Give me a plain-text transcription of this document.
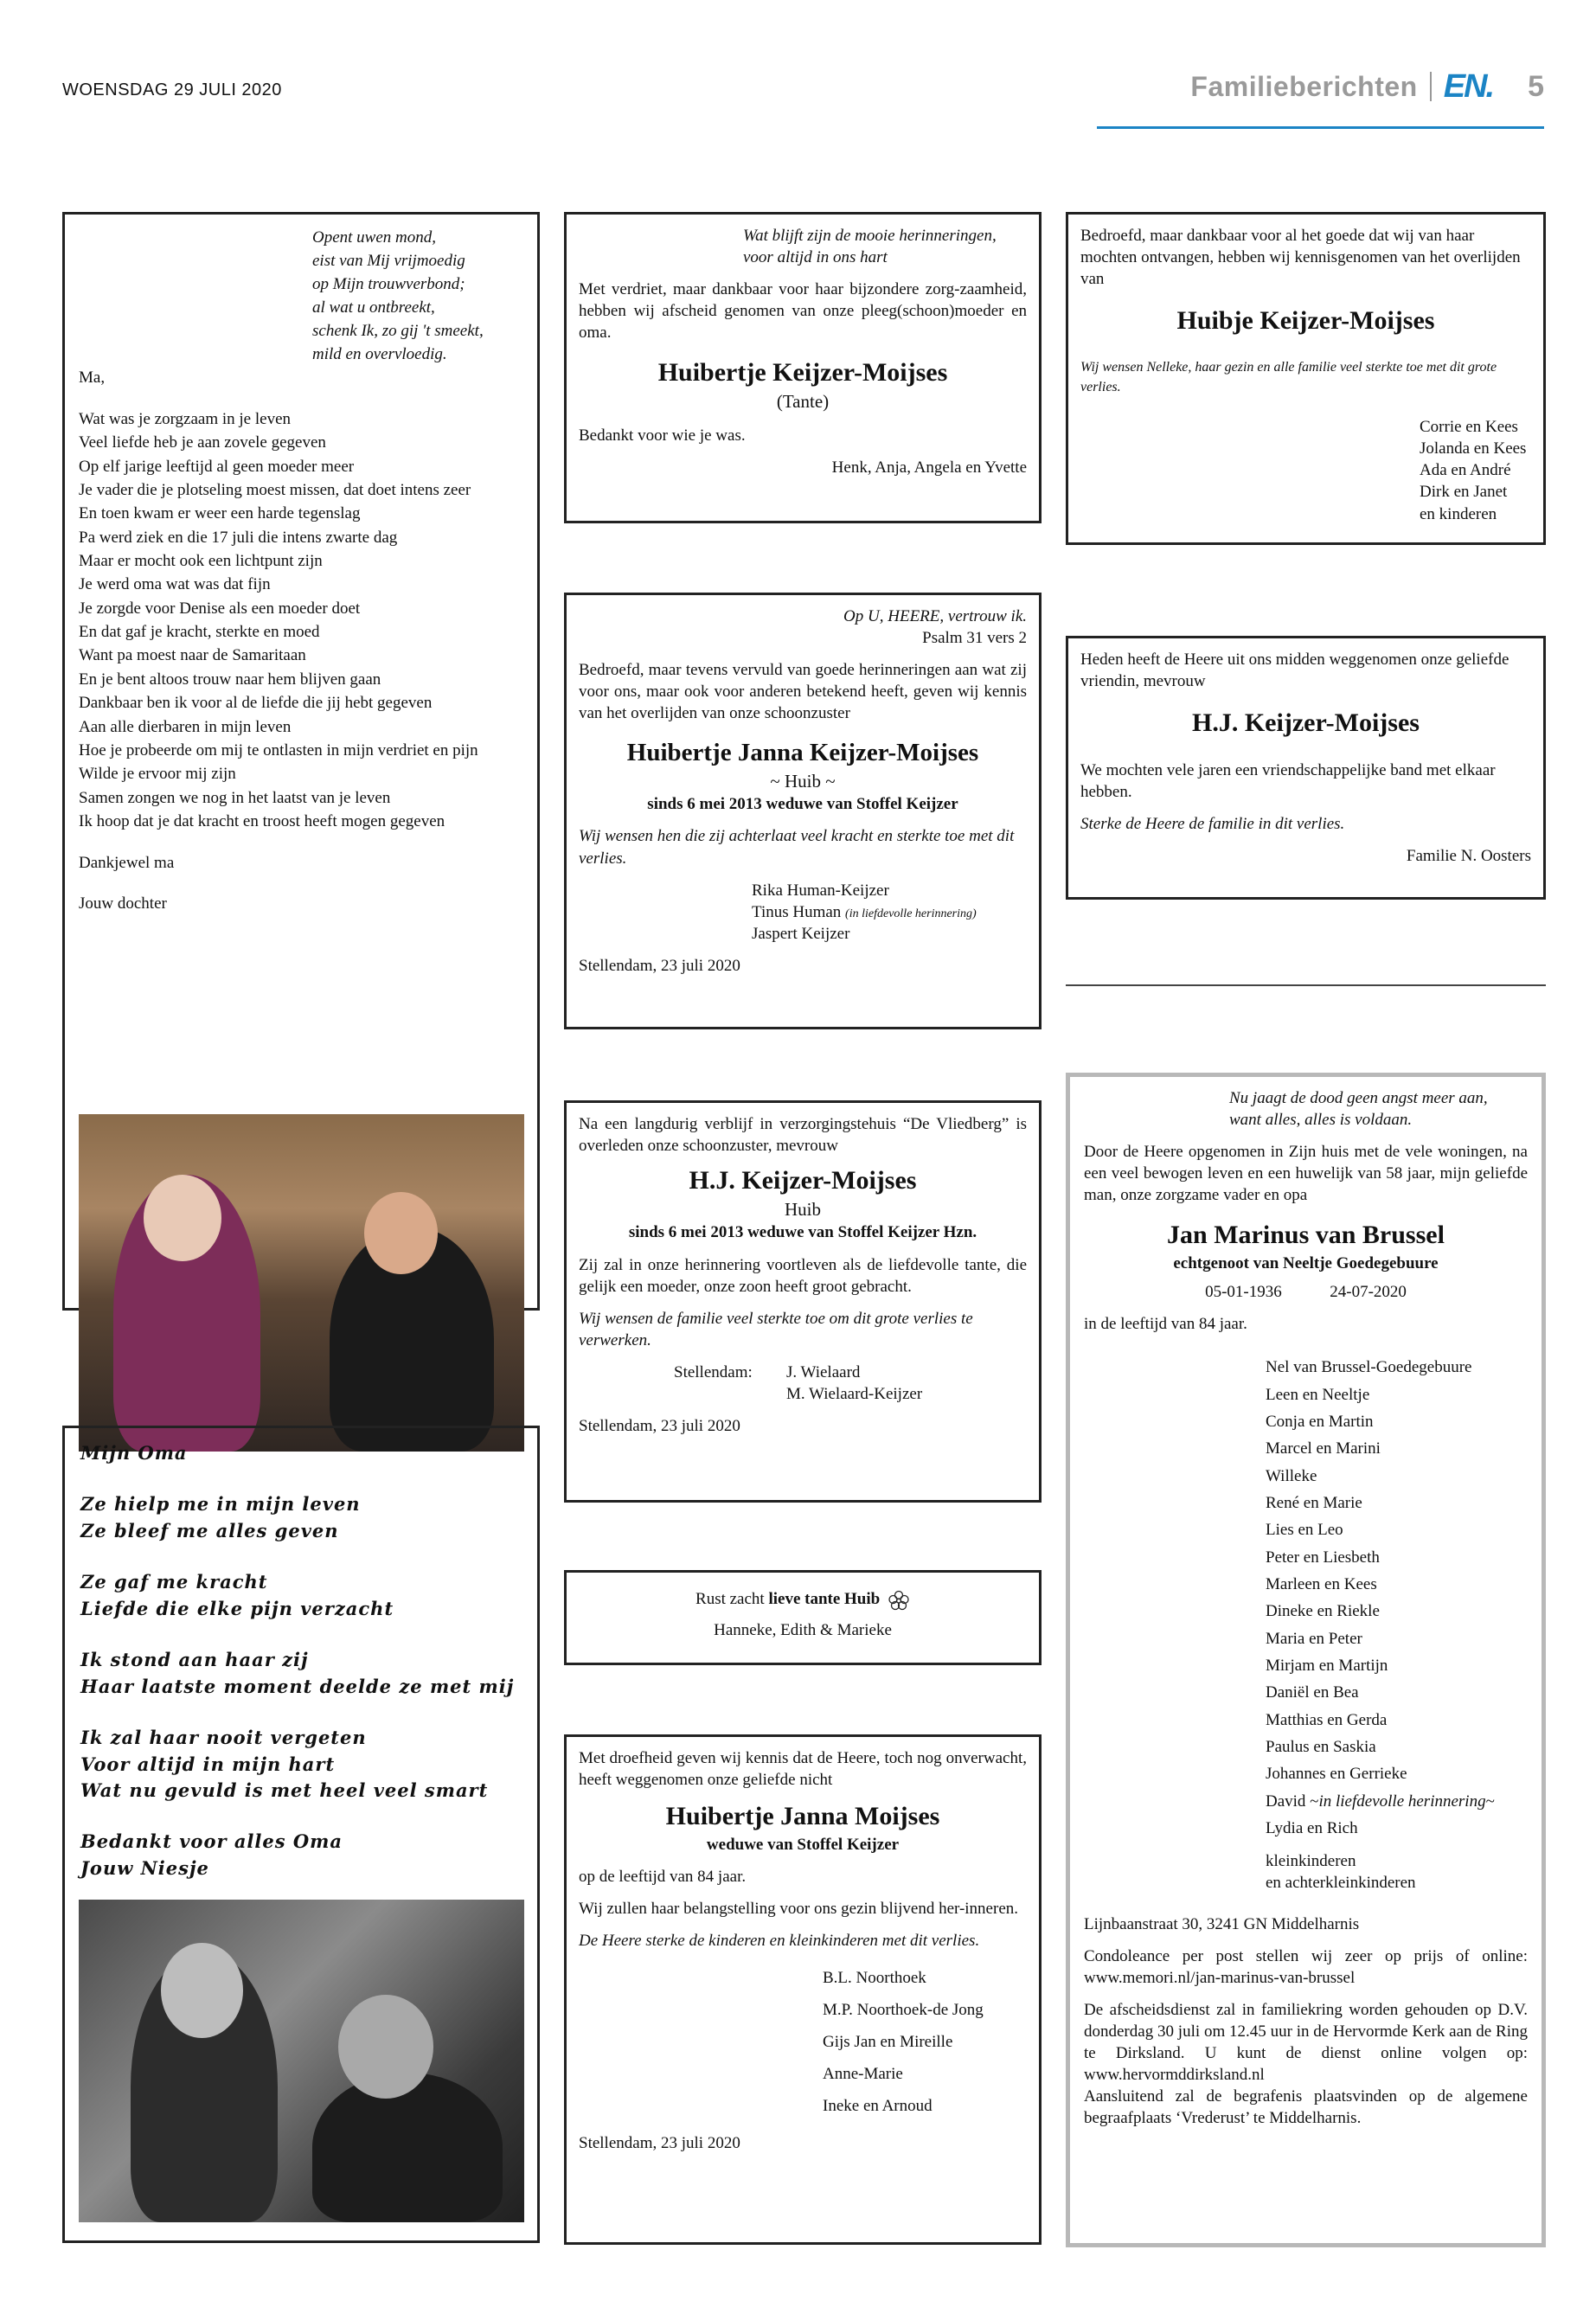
WOENSDAG 29 JULI 2020	Familieberichten EN. 5
Opent uwen mond,
eist van Mij vrijmoedig
op Mijn trouwverbond;
al wat u ontbreekt,
schenk Ik, zo gij 't smeekt,
mild en overvloedig.

Ma,

Wat was je zorgzaam in je leven
Veel liefde heb je aan zovele gegeven
Op elf jarige leeftijd al geen moeder meer
Je vader die je plotseling moest missen, dat doet intens zeer
En toen kwam er weer een harde tegenslag
Pa werd ziek en die 17 juli die intens zwarte dag
Maar er mocht ook een lichtpunt zijn
Je werd oma wat was dat fijn
Je zorgde voor Denise als een moeder doet
En dat gaf je kracht, sterkte en moed
Want pa moest naar de Samaritaan
En je bent altoos trouw naar hem blijven gaan
Dankbaar ben ik voor al de liefde die jij hebt gegeven
Aan alle dierbaren in mijn leven
Hoe je probeerde om mij te ontlasten in mijn verdriet en pijn
Wilde je ervoor mij zijn
Samen zongen we nog in het laatst van je leven
Ik hoop dat je dat kracht en troost heeft mogen gegeven

Dankjewel ma

Jouw dochter

Mijn Oma
Ze hielp me in mijn leven
Ze bleef me alles geven
Ze gaf me kracht
Liefde die elke pijn verzacht
Ik stond aan haar zij
Haar laatste moment deelde ze met mij
Ik zal haar nooit vergeten
Voor altijd in mijn hart
Wat nu gevuld is met heel veel smart
Bedankt voor alles Oma
Jouw Niesje
Wat blijft zijn de mooie herinneringen,
voor altijd in ons hart

Met verdriet, maar dankbaar voor haar bijzondere zorg-zaamheid, hebben wij afscheid genomen van onze pleeg(schoon)moeder en oma.

Huibertje Keijzer-Moijses
(Tante)

Bedankt voor wie je was.

Henk, Anja, Angela en Yvette

Op U, HEERE, vertrouw ik.

Psalm 31 vers 2

Bedroefd, maar tevens vervuld van goede herinneringen aan wat zij voor ons, maar ook voor anderen betekend heeft, geven wij kennis van het overlijden van onze schoonzuster

Huibertje Janna Keijzer-Moijses
~ Huib ~
sinds 6 mei 2013 weduwe van Stoffel Keijzer

Wij wensen hen die zij achterlaat veel kracht en sterkte toe met dit verlies.

Rika Human-Keijzer
Tinus Human (in liefdevolle herinnering)
Jaspert Keijzer

Stellendam, 23 juli 2020

Na een langdurig verblijf in verzorgingstehuis “De Vliedberg” is overleden onze schoonzuster, mevrouw

H.J. Keijzer-Moijses
Huib
sinds 6 mei 2013 weduwe van Stoffel Keijzer Hzn.

Zij zal in onze herinnering voortleven als de liefdevolle tante, die gelijk een moeder, onze zoon heeft groot gebracht.

Wij wensen de familie veel sterkte toe om dit grote verlies te verwerken.

Stellendam:	J. Wielaard
M. Wielaard-Keijzer

Stellendam, 23 juli 2020

Rust zacht lieve tante Huib

Hanneke, Edith & Marieke

Met droefheid geven wij kennis dat de Heere, toch nog onverwacht, heeft weggenomen onze geliefde nicht

Huibertje Janna Moijses
weduwe van Stoffel Keijzer

op de leeftijd van 84 jaar.

Wij zullen haar belangstelling voor ons gezin blijvend her-inneren.

De Heere sterke de kinderen en kleinkinderen met dit verlies.

B.L. Noorthoek
M.P. Noorthoek-de Jong
Gijs Jan en Mireille
Anne-Marie
Ineke en Arnoud

Stellendam, 23 juli 2020

Bedroefd, maar dankbaar voor al het goede dat wij van haar mochten ontvangen, hebben wij kennisgenomen van het overlijden van

Huibje Keijzer-Moijses

Wij wensen Nelleke, haar gezin en alle familie veel sterkte toe met dit grote verlies.

Corrie en Kees
Jolanda en Kees
Ada en André
Dirk en Janet
en kinderen

Heden heeft de Heere uit ons midden weggenomen onze geliefde vriendin, mevrouw

H.J. Keijzer-Moijses

We mochten vele jaren een vriendschappelijke band met elkaar hebben.

Sterke de Heere de familie in dit verlies.

Familie N. Oosters

Nu jaagt de dood geen angst meer aan,
want alles, alles is voldaan.

Door de Heere opgenomen in Zijn huis met de vele woningen, na een veel bewogen leven en een huwelijk van 58 jaar, mijn geliefde man, onze zorgzame vader en opa

Jan Marinus van Brussel
echtgenoot van Neeltje Goedegebuure
05-01-1936	24-07-2020

in de leeftijd van 84 jaar.

Nel van Brussel-Goedegebuure
Leen en Neeltje
Conja en Martin
Marcel en Marini
Willeke
René en Marie
Lies en Leo
Peter en Liesbeth
Marleen en Kees
Dineke en Riekle
Maria en Peter
Mirjam en Martijn
Daniël en Bea
Matthias en Gerda
Paulus en Saskia
Johannes en Gerrieke
David ~in liefdevolle herinnering~
Lydia en Rich
kleinkinderen
en achterkleinkinderen

Lijnbaanstraat 30, 3241 GN Middelharnis

Condoleance per post stellen wij zeer op prijs of online: www.memori.nl/jan-marinus-van-brussel

De afscheidsdienst zal in familiekring worden gehouden op D.V. donderdag 30 juli om 12.45 uur in de Hervormde Kerk aan de Ring te Dirksland. U kunt de dienst online volgen op: www.hervormddirksland.nl

Aansluitend zal de begrafenis plaatsvinden op de algemene begraafplaats ‘Vrederust’ te Middelharnis.
